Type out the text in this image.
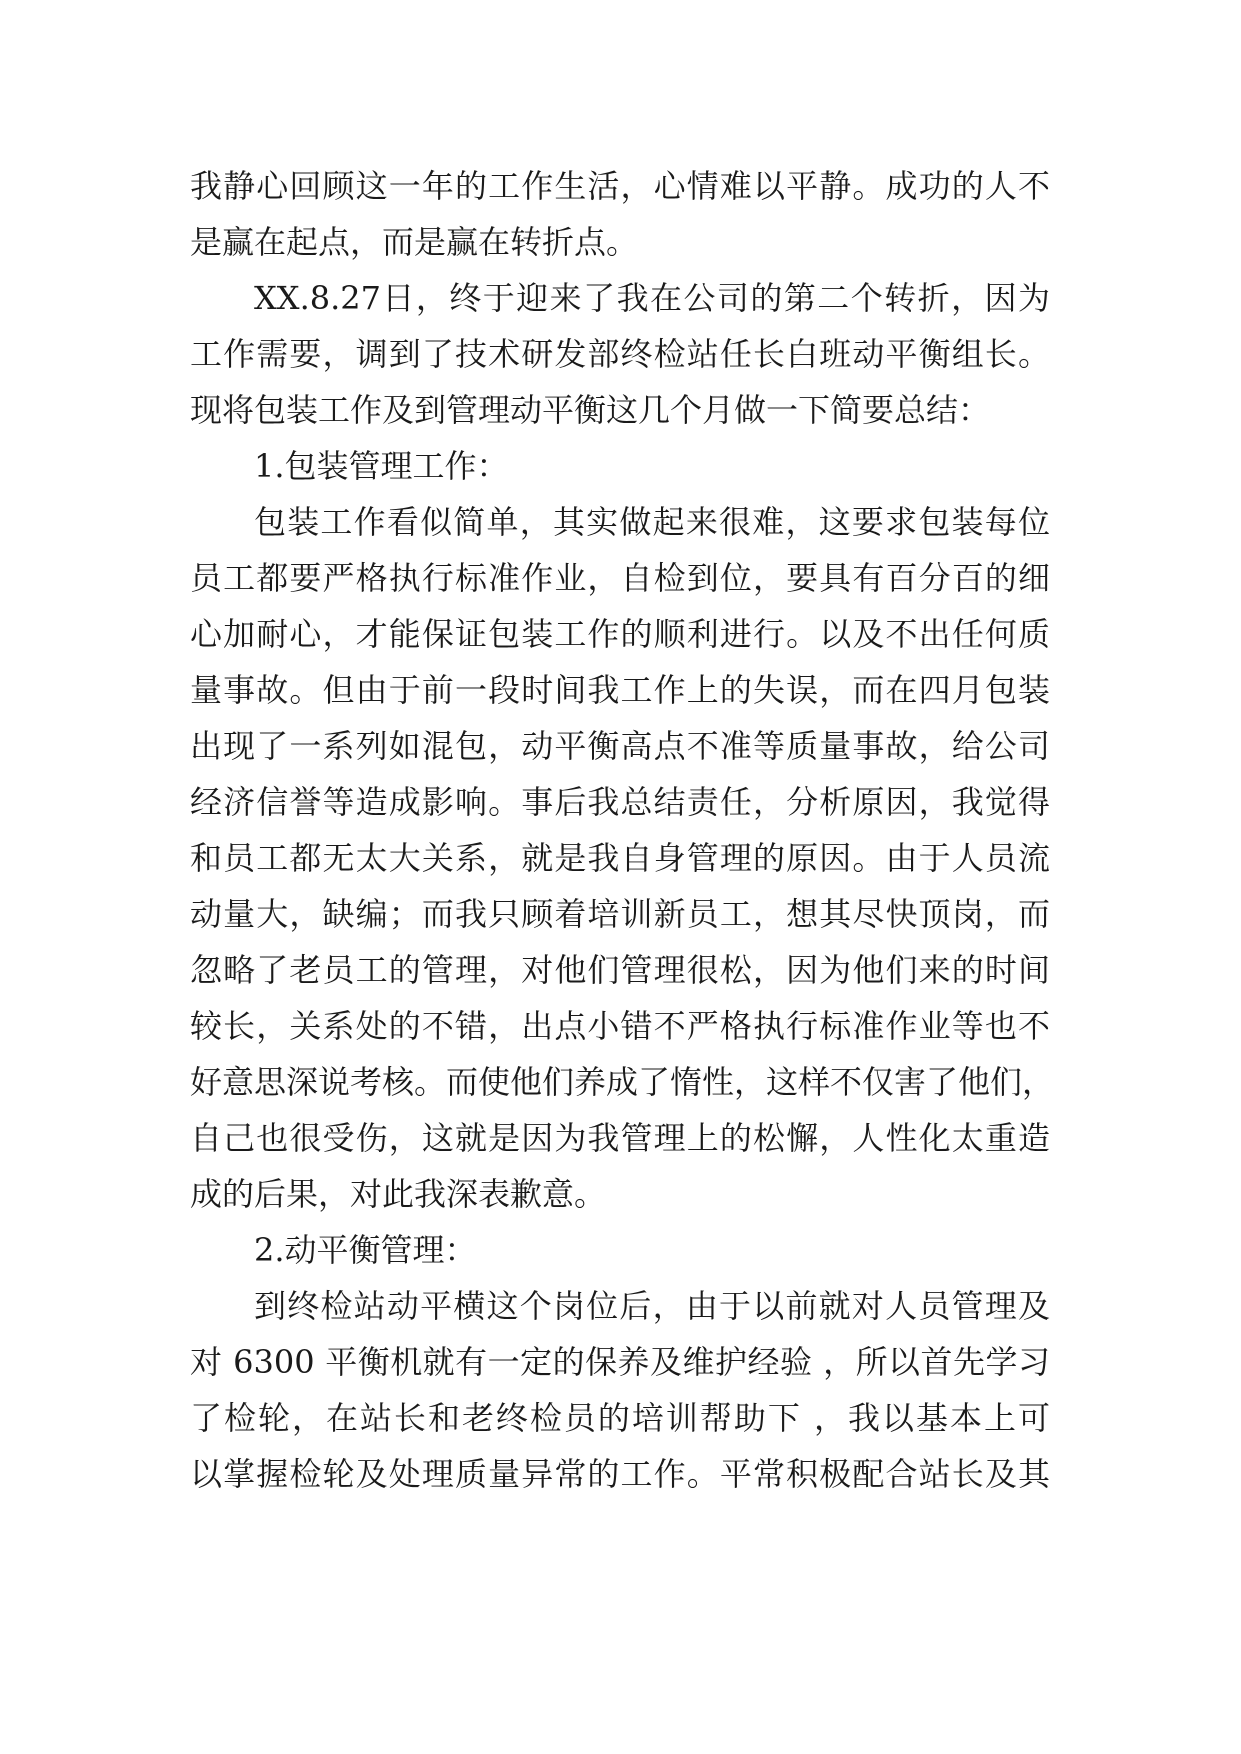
我静心回顾这一年的工作生活，心情难以平静。成功的人不
是赢在起点，而是赢在转折点。
XX.8.27日，终于迎来了我在公司的第二个转折，因为
工作需要，调到了技术研发部终检站任长白班动平衡组长。
现将包装工作及到管理动平衡这几个月做一下简要总结：
1.包装管理工作：
包装工作看似简单，其实做起来很难，这要求包装每位
员工都要严格执行标准作业，自检到位，要具有百分百的细
心加耐心，才能保证包装工作的顺利进行。以及不出任何质
量事故。但由于前一段时间我工作上的失误，而在四月包装
出现了一系列如混包，动平衡高点不准等质量事故，给公司
经济信誉等造成影响。事后我总结责任，分析原因，我觉得
和员工都无太大关系，就是我自身管理的原因。由于人员流
动量大，缺编；而我只顾着培训新员工，想其尽快顶岗，而
忽略了老员工的管理，对他们管理很松，因为他们来的时间
较长，关系处的不错，出点小错不严格执行标准作业等也不
好意思深说考核。而使他们养成了惰性，这样不仅害了他们，
自己也很受伤，这就是因为我管理上的松懈，人性化太重造
成的后果，对此我深表歉意。
2.动平衡管理：
到终检站动平横这个岗位后，由于以前就对人员管理及
对 6300 平衡机就有一定的保养及维护经验 ，所以首先学习
了检轮，在站长和老终检员的培训帮助下 ，我以基本上可
以掌握检轮及处理质量异常的工作。平常积极配合站长及其
